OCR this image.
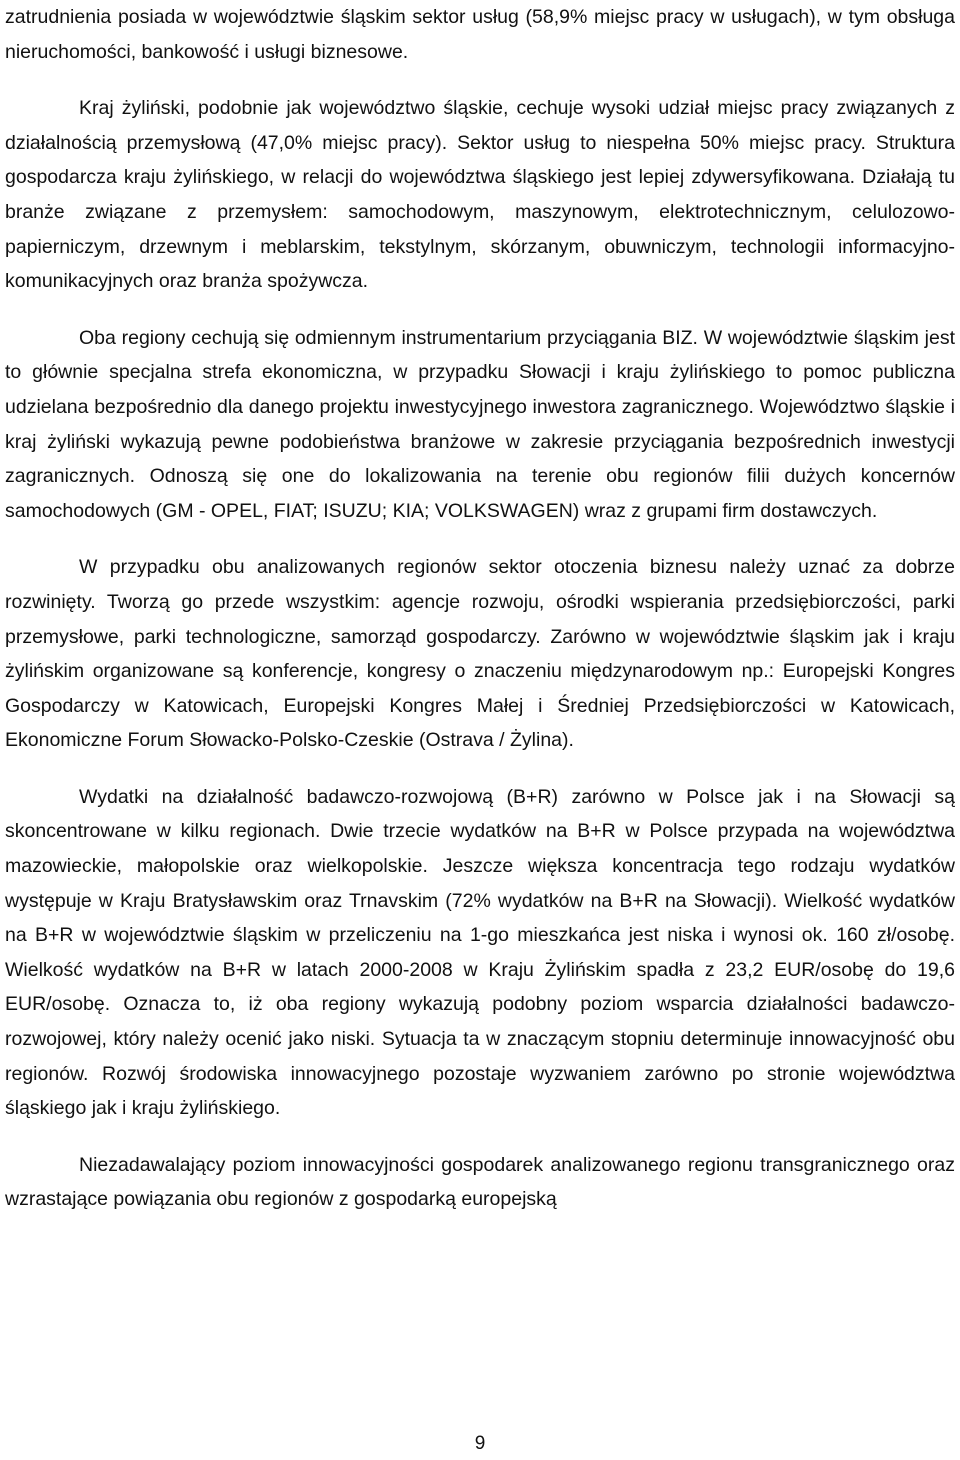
zatrudnienia posiada w województwie śląskim sektor usług (58,9% miejsc pracy w usługach), w tym obsługa nieruchomości, bankowość i usługi biznesowe.

Kraj żyliński, podobnie jak województwo śląskie, cechuje wysoki udział miejsc pracy związanych z działalnością przemysłową (47,0% miejsc pracy). Sektor usług to niespełna 50% miejsc pracy. Struktura gospodarcza kraju żylińskiego, w relacji do województwa śląskiego jest lepiej zdywersyfikowana. Działają tu branże związane z przemysłem: samochodowym, maszynowym, elektrotechnicznym, celulozowo-papierniczym, drzewnym i meblarskim, tekstylnym, skórzanym, obuwniczym, technologii informacyjno-komunikacyjnych oraz branża spożywcza.

Oba regiony cechują się odmiennym instrumentarium przyciągania BIZ. W województwie śląskim jest to głównie specjalna strefa ekonomiczna, w przypadku Słowacji i kraju żylińskiego to pomoc publiczna udzielana bezpośrednio dla danego projektu inwestycyjnego inwestora zagranicznego. Województwo śląskie i kraj żyliński wykazują pewne podobieństwa branżowe w zakresie przyciągania bezpośrednich inwestycji zagranicznych. Odnoszą się one do lokalizowania na terenie obu regionów filii dużych koncernów samochodowych (GM - OPEL, FIAT; ISUZU; KIA; VOLKSWAGEN) wraz z grupami firm dostawczych.

W przypadku obu analizowanych regionów sektor otoczenia biznesu należy uznać za dobrze rozwinięty. Tworzą go przede wszystkim: agencje rozwoju, ośrodki wspierania przedsiębiorczości, parki przemysłowe, parki technologiczne, samorząd gospodarczy. Zarówno w województwie śląskim jak i kraju żylińskim organizowane są konferencje, kongresy o znaczeniu międzynarodowym np.: Europejski Kongres Gospodarczy w Katowicach, Europejski Kongres Małej i Średniej Przedsiębiorczości w Katowicach, Ekonomiczne Forum Słowacko-Polsko-Czeskie (Ostrava / Żylina).

Wydatki na działalność badawczo-rozwojową (B+R) zarówno w Polsce jak i na Słowacji są skoncentrowane w kilku regionach. Dwie trzecie wydatków na B+R w Polsce przypada na województwa mazowieckie, małopolskie oraz wielkopolskie. Jeszcze większa koncentracja tego rodzaju wydatków występuje w Kraju Bratysławskim oraz Trnavskim (72% wydatków na B+R na Słowacji). Wielkość wydatków na B+R w województwie śląskim w przeliczeniu na 1-go mieszkańca jest niska i wynosi ok. 160 zł/osobę. Wielkość wydatków na B+R w latach 2000-2008 w Kraju Żylińskim spadła z 23,2 EUR/osobę do 19,6 EUR/osobę. Oznacza to, iż oba regiony wykazują podobny poziom wsparcia działalności badawczo-rozwojowej, który należy ocenić jako niski. Sytuacja ta w znaczącym stopniu determinuje innowacyjność obu regionów. Rozwój środowiska innowacyjnego pozostaje wyzwaniem zarówno po stronie województwa śląskiego jak i kraju żylińskiego.

Niezadawalający poziom innowacyjności gospodarek analizowanego regionu transgranicznego oraz wzrastające powiązania obu regionów z gospodarką europejską

9
